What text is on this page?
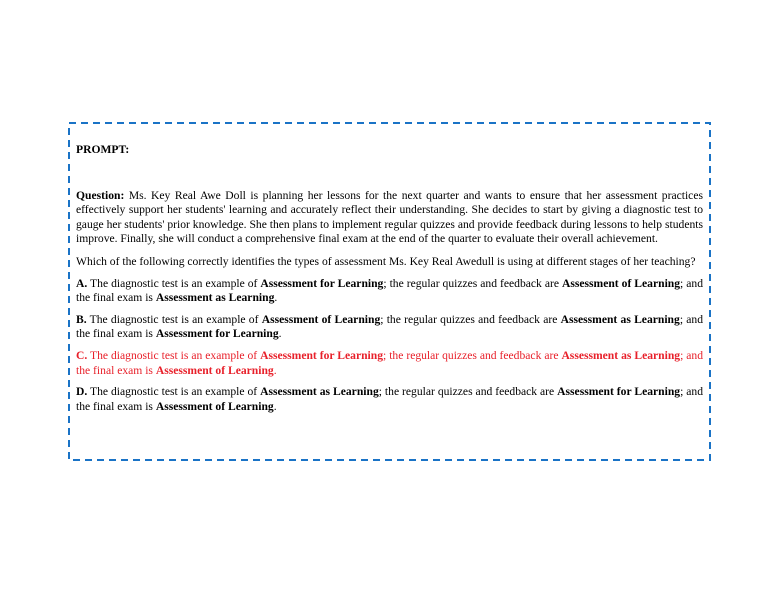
PROMPT:

Question: Ms. Key Real Awe Doll is planning her lessons for the next quarter and wants to ensure that her assessment practices effectively support her students' learning and accurately reflect their understanding. She decides to start by giving a diagnostic test to gauge her students' prior knowledge. She then plans to implement regular quizzes and provide feedback during lessons to help students improve. Finally, she will conduct a comprehensive final exam at the end of the quarter to evaluate their overall achievement.

Which of the following correctly identifies the types of assessment Ms. Key Real Awedull is using at different stages of her teaching?

A. The diagnostic test is an example of Assessment for Learning; the regular quizzes and feedback are Assessment of Learning; and the final exam is Assessment as Learning.

B. The diagnostic test is an example of Assessment of Learning; the regular quizzes and feedback are Assessment as Learning; and the final exam is Assessment for Learning.

C. The diagnostic test is an example of Assessment for Learning; the regular quizzes and feedback are Assessment as Learning; and the final exam is Assessment of Learning.

D. The diagnostic test is an example of Assessment as Learning; the regular quizzes and feedback are Assessment for Learning; and the final exam is Assessment of Learning.
